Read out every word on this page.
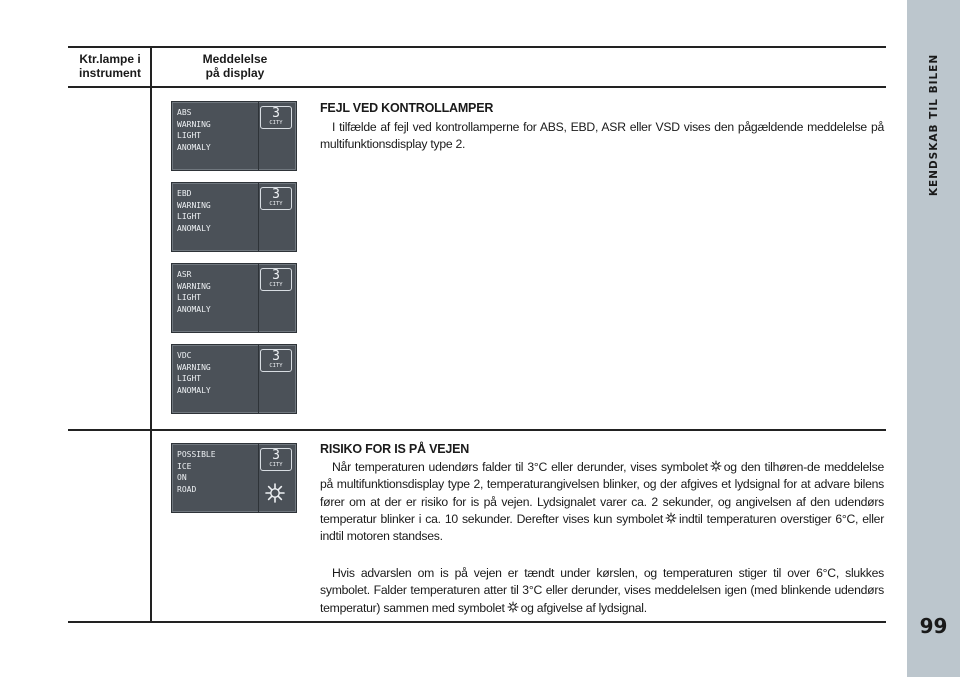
KENDSKAB TIL BILEN
99
Ktr.lampe i
instrument
Meddelelse
på display
ABS
WARNING
LIGHT
ANOMALY
3
CITY
EBD
WARNING
LIGHT
ANOMALY
3
CITY
ASR
WARNING
LIGHT
ANOMALY
3
CITY
VDC
WARNING
LIGHT
ANOMALY
3
CITY
POSSIBLE
ICE
ON
ROAD
3
CITY
FEJL VED KONTROLLAMPER
I tilfælde af fejl ved kontrollamperne for ABS, EBD, ASR eller VSD vises den pågældende meddelelse på multifunktionsdisplay type 2.
RISIKO FOR IS PÅ VEJEN
Når temperaturen udendørs falder til 3°C eller derunder, vises symbolet og den tilhøren-de meddelelse på multifunktionsdisplay type 2, temperaturangivelsen blinker, og der afgives et lydsignal for at advare bilens fører om at der er risiko for is på vejen. Lydsignalet varer ca. 2 sekunder, og angivelsen af den udendørs temperatur blinker i ca. 10 sekunder. Derefter vises kun symbolet indtil temperaturen overstiger 6°C, eller indtil motoren standses.
Hvis advarslen om is på vejen er tændt under kørslen, og temperaturen stiger til over 6°C, slukkes symbolet. Falder temperaturen atter til 3°C eller derunder, vises meddelelsen igen (med blinkende udendørs temperatur) sammen med symbolet og afgivelse af lydsignal.
